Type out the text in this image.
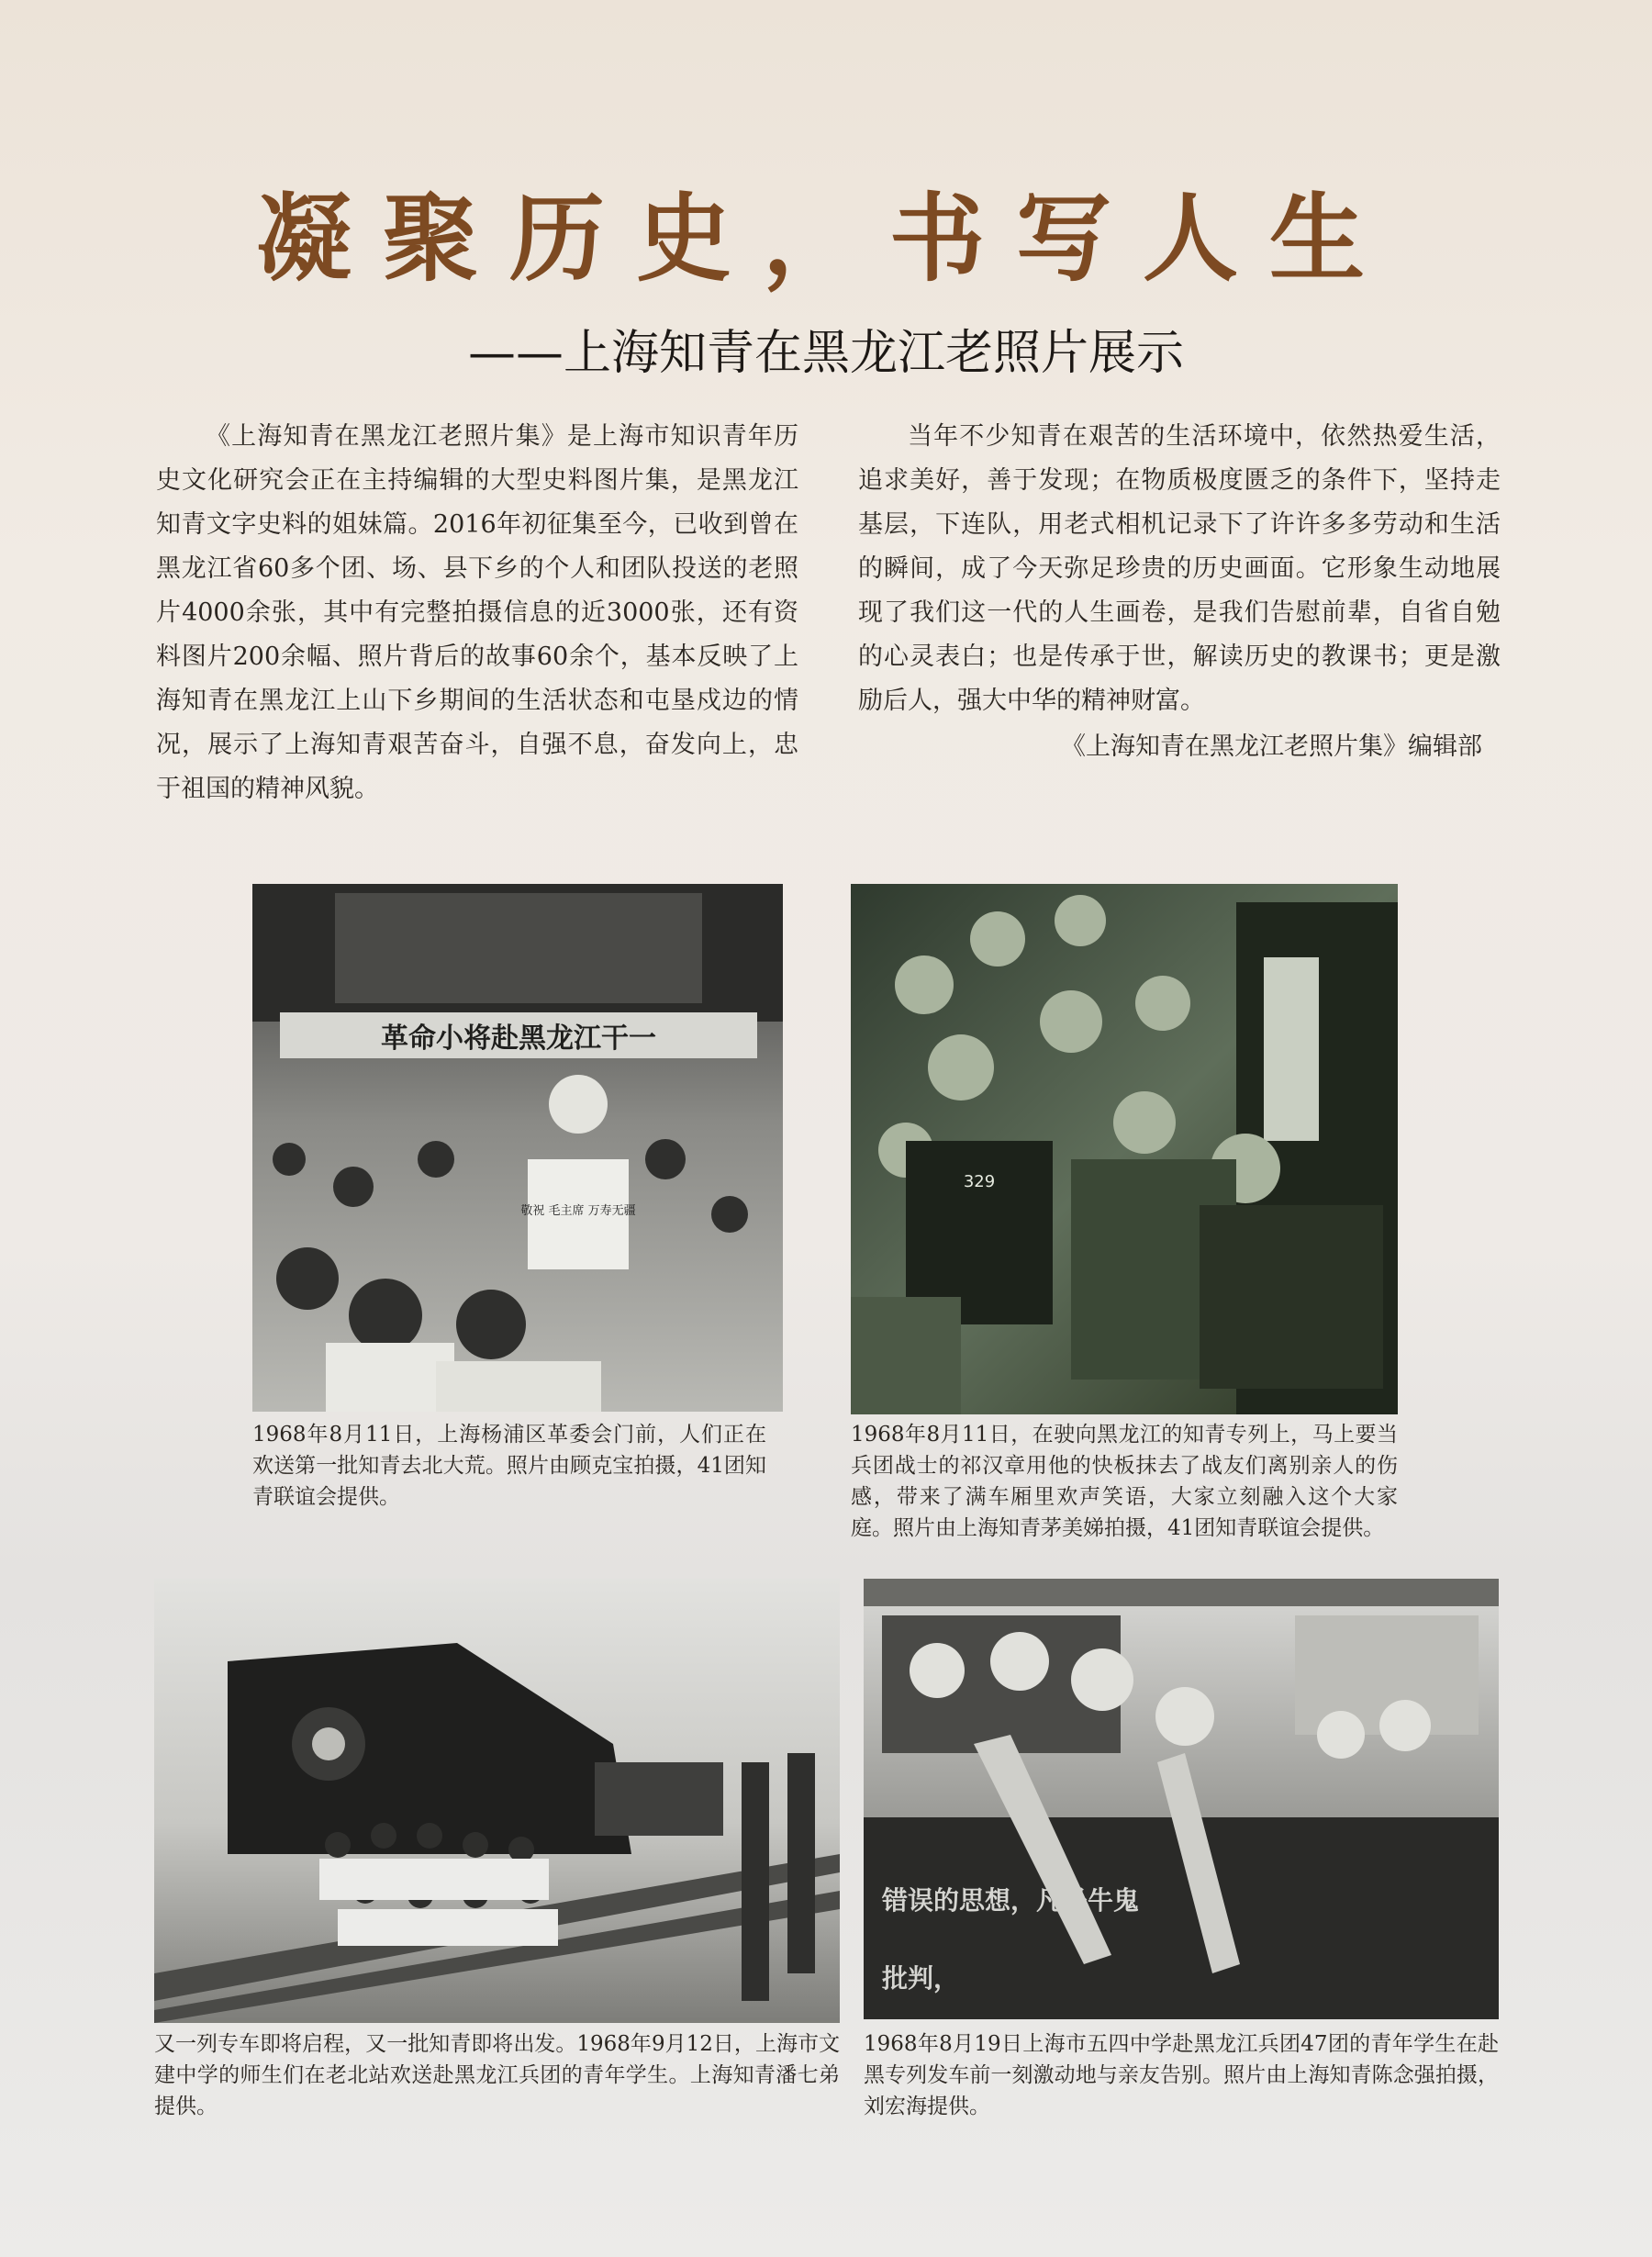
凝聚历史，书写人生
——上海知青在黑龙江老照片展示

《上海知青在黑龙江老照片集》是上海市知识青年历史文化研究会正在主持编辑的大型史料图片集，是黑龙江知青文字史料的姐妹篇。2016年初征集至今，已收到曾在黑龙江省60多个团、场、县下乡的个人和团队投送的老照片4000余张，其中有完整拍摄信息的近3000张，还有资料图片200余幅、照片背后的故事60余个，基本反映了上海知青在黑龙江上山下乡期间的生活状态和屯垦戍边的情况，展示了上海知青艰苦奋斗，自强不息，奋发向上，忠于祖国的精神风貌。

当年不少知青在艰苦的生活环境中，依然热爱生活，追求美好，善于发现；在物质极度匮乏的条件下，坚持走基层，下连队，用老式相机记录下了许许多多劳动和生活的瞬间，成了今天弥足珍贵的历史画面。它形象生动地展现了我们这一代的人生画卷，是我们告慰前辈，自省自勉的心灵表白；也是传承于世，解读历史的教课书；更是激励后人，强大中华的精神财富。

《上海知青在黑龙江老照片集》编辑部

革命小将赴黑龙江干一
敬祝 毛主席 万寿无疆
1968年8月11日，上海杨浦区革委会门前，人们正在欢送第一批知青去北大荒。照片由顾克宝拍摄，41团知青联谊会提供。
329
1968年8月11日，在驶向黑龙江的知青专列上，马上要当兵团战士的祁汉章用他的快板抹去了战友们离别亲人的伤感，带来了满车厢里欢声笑语，大家立刻融入这个大家庭。照片由上海知青茅美娣拍摄，41团知青联谊会提供。
又一列专车即将启程，又一批知青即将出发。1968年9月12日，上海市文建中学的师生们在老北站欢送赴黑龙江兵团的青年学生。上海知青潘七弟提供。
错误的思想，凡是牛鬼
批判，
1968年8月19日上海市五四中学赴黑龙江兵团47团的青年学生在赴黑专列发车前一刻激动地与亲友告别。照片由上海知青陈念强拍摄，刘宏海提供。
